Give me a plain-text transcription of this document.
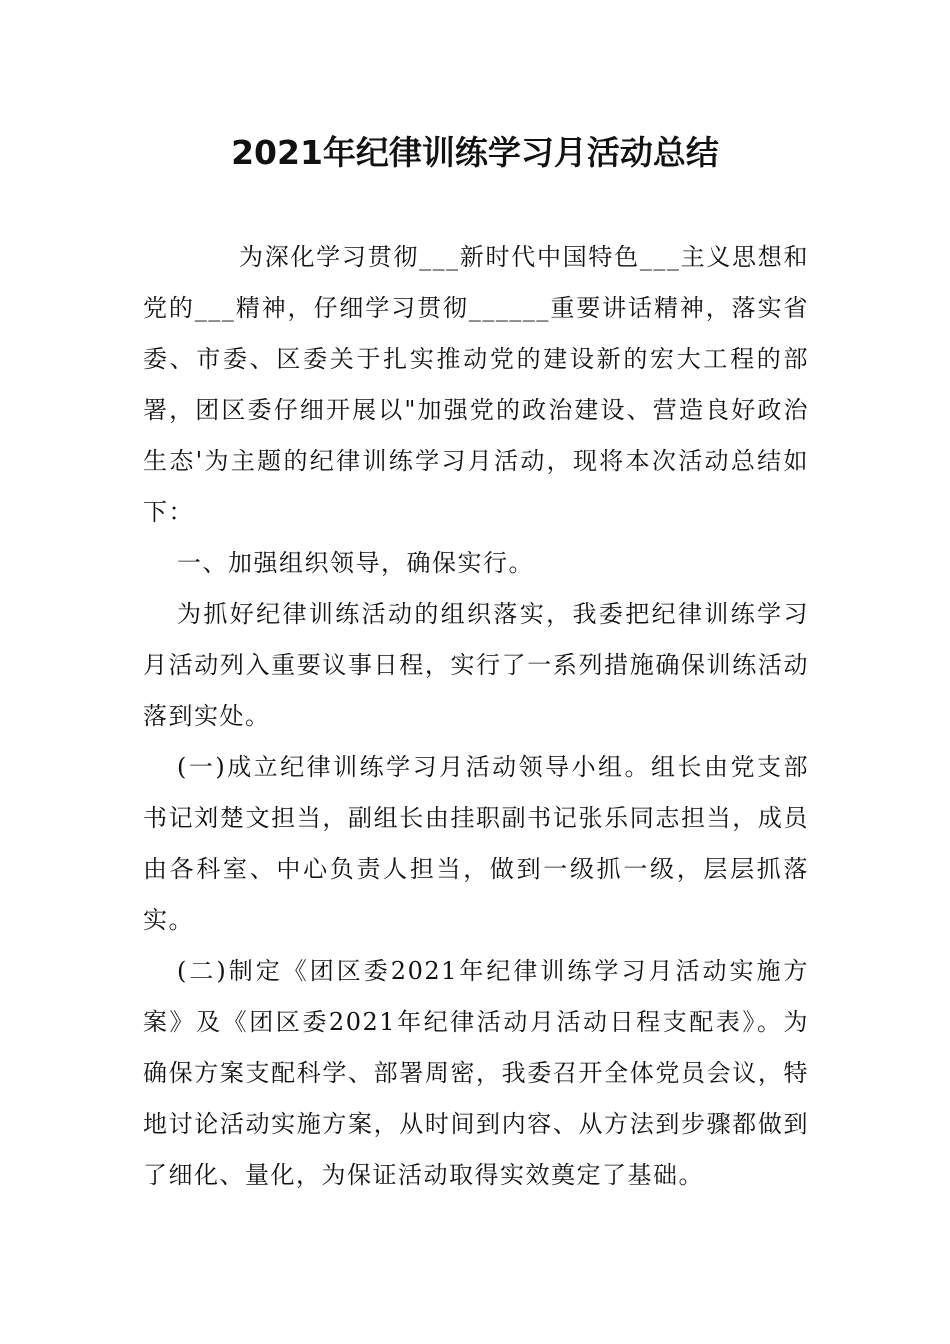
2021年纪律训练学习月活动总结

为深化学习贯彻___新时代中国特色___主义思想和党的___精神，仔细学习贯彻______重要讲话精神，落实省委、市委、区委关于扎实推动党的建设新的宏大工程的部署，团区委仔细开展以"加强党的政治建设、营造良好政治生态'为主题的纪律训练学习月活动，现将本次活动总结如下：

一、加强组织领导，确保实行。

为抓好纪律训练活动的组织落实，我委把纪律训练学习月活动列入重要议事日程，实行了一系列措施确保训练活动落到实处。

(一)成立纪律训练学习月活动领导小组。组长由党支部书记刘楚文担当，副组长由挂职副书记张乐同志担当，成员由各科室、中心负责人担当，做到一级抓一级，层层抓落实。

(二)制定《团区委2021年纪律训练学习月活动实施方案》及《团区委2021年纪律活动月活动日程支配表》。为确保方案支配科学、部署周密，我委召开全体党员会议，特地讨论活动实施方案，从时间到内容、从方法到步骤都做到了细化、量化，为保证活动取得实效奠定了基础。
